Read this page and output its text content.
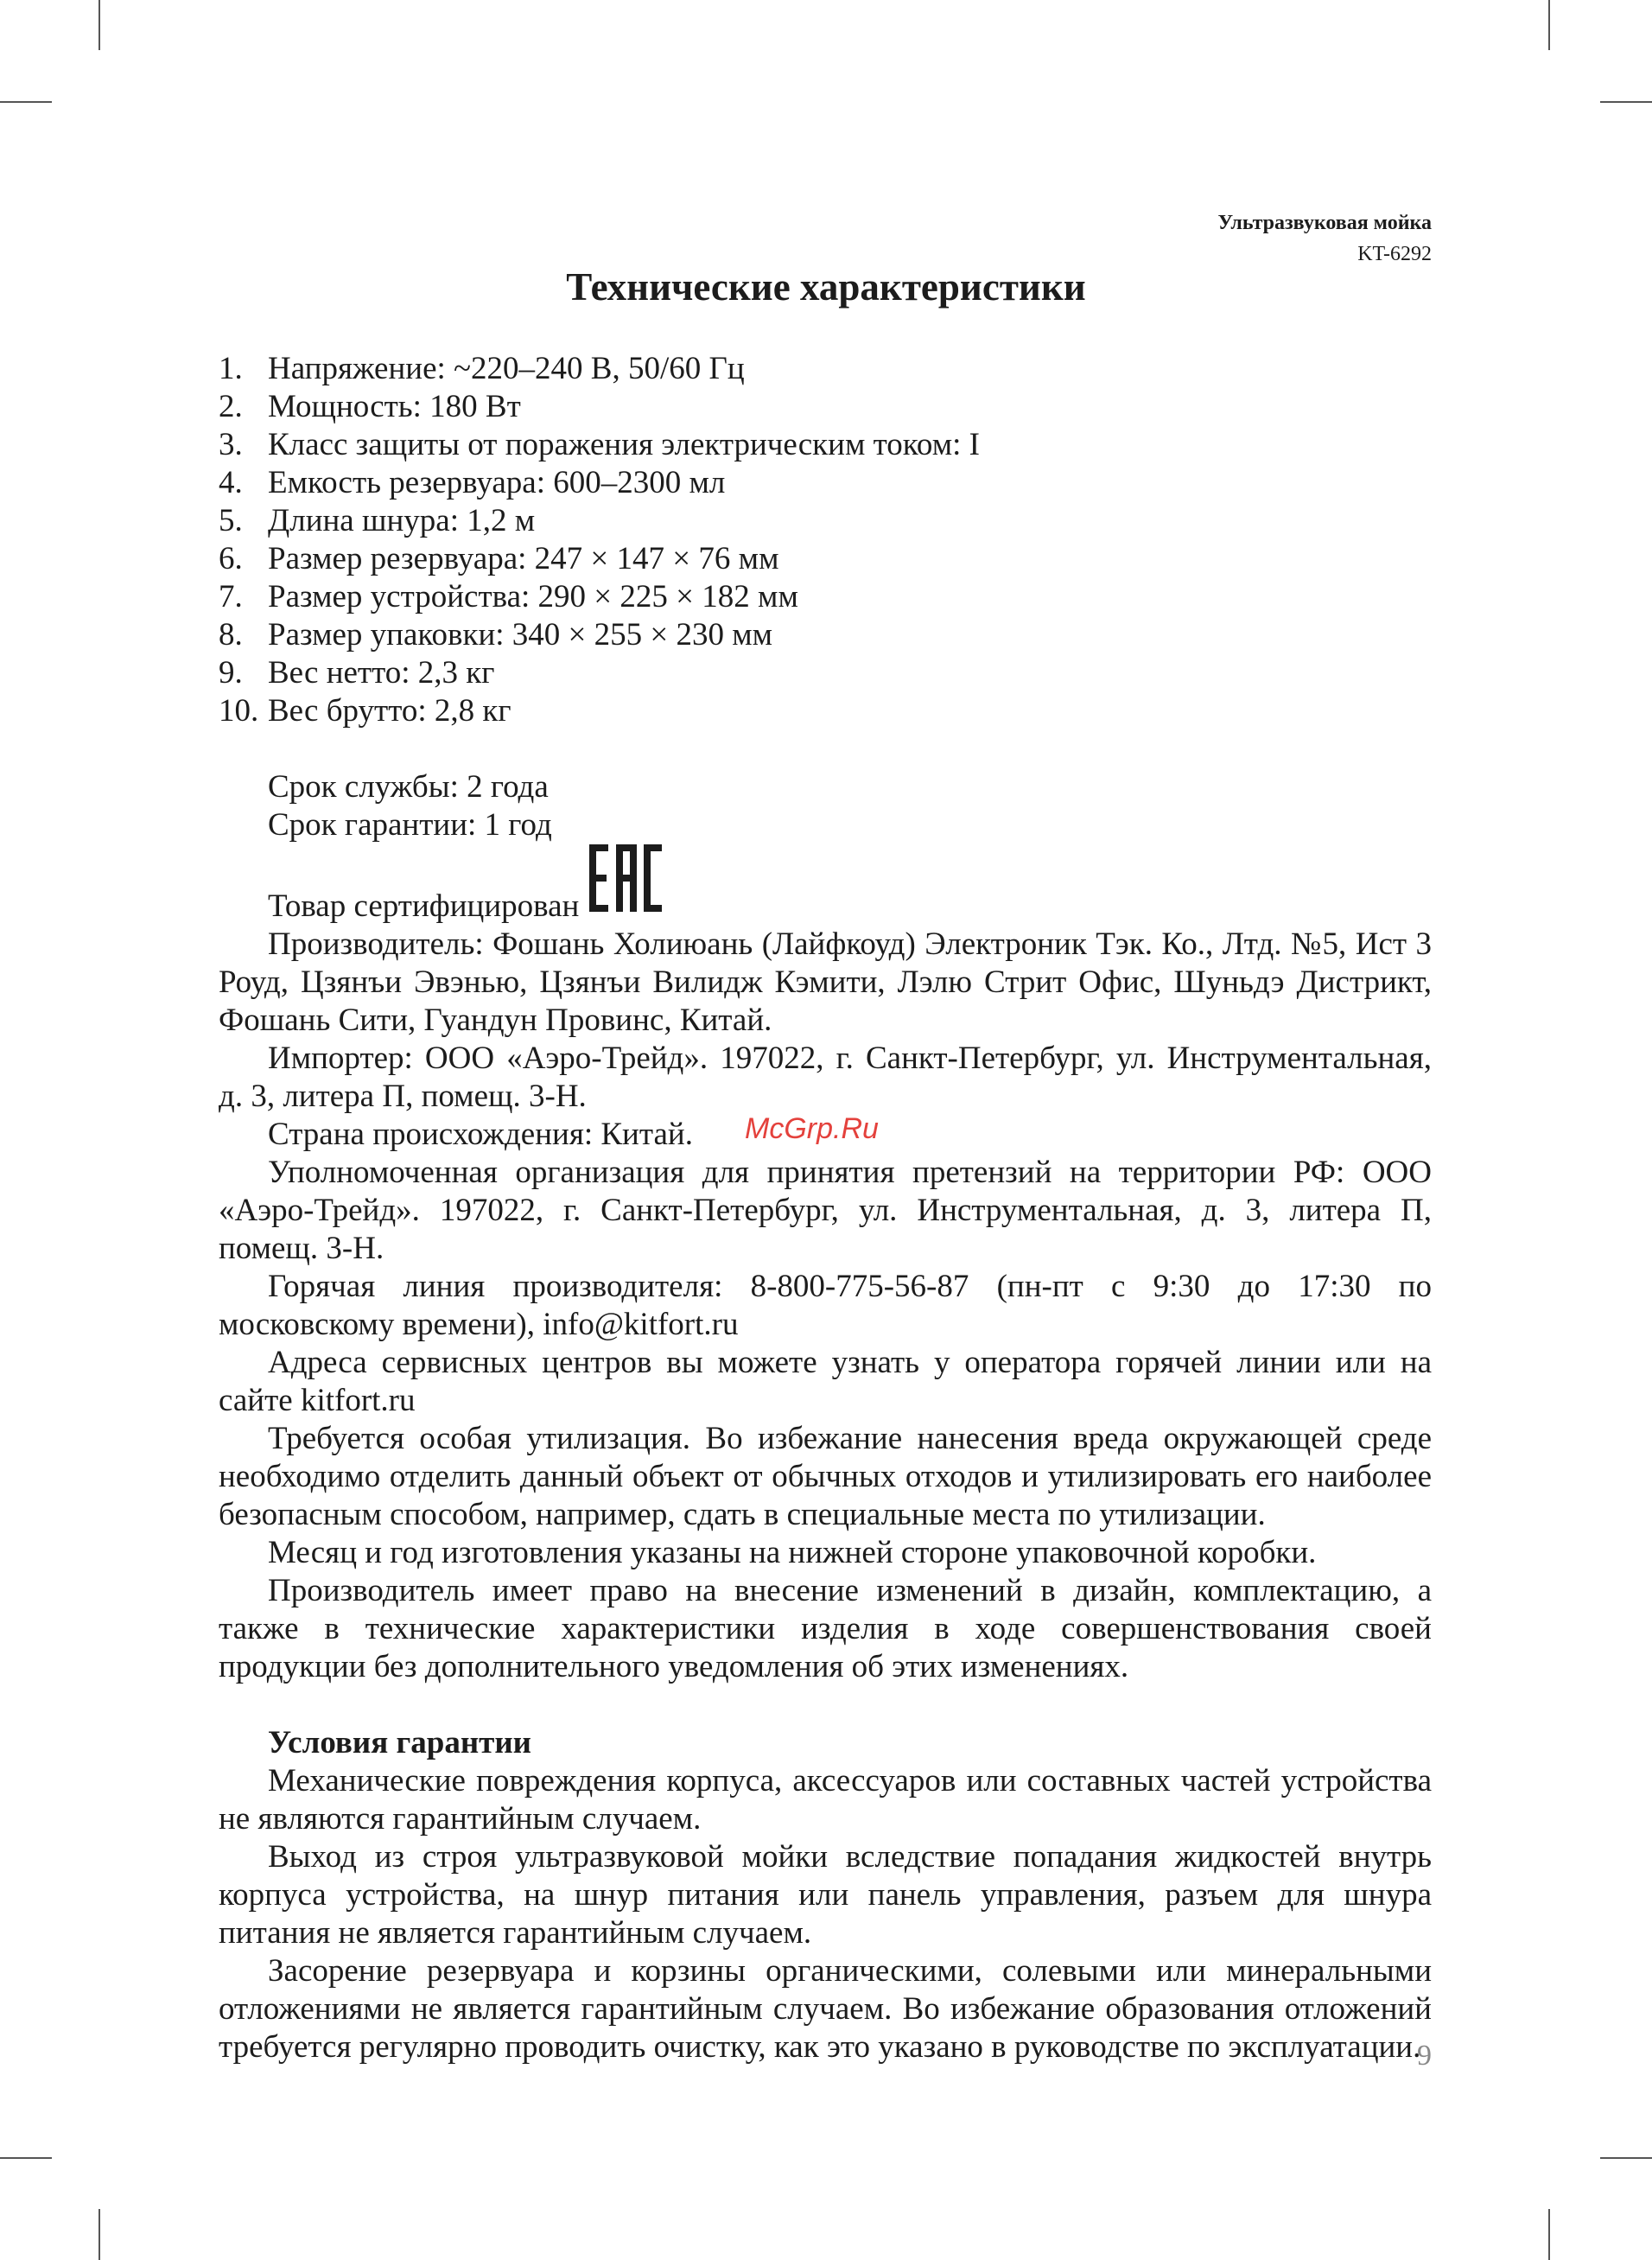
Ультразвуковая мойка
KT-6292
Технические характеристики
1. Напряжение: ~220–240 В, 50/60 Гц
2. Мощность: 180 Вт
3. Класс защиты от поражения электрическим током: I
4. Емкость резервуара: 600–2300 мл
5. Длина шнура: 1,2 м
6. Размер резервуара: 247 × 147 × 76 мм
7. Размер устройства: 290 × 225 × 182 мм
8. Размер упаковки: 340 × 255 × 230 мм
9. Вес нетто: 2,3 кг
10. Вес брутто: 2,8 кг
Срок службы: 2 года
Срок гарантии: 1 год
Товар сертифицирован

Производитель: Фошань Холиюань (Лайфкоуд) Электроник Тэк. Ко., Лтд. №5, Ист 3 Роуд, Цзянъи Эвэнью, Цзянъи Вилидж Кэмити, Лэлю Стрит Офис, Шуньдэ Дистрикт, Фошань Сити, Гуандун Провинс, Китай.

Импортер: ООО «Аэро-Трейд». 197022, г. Санкт-Петербург, ул. Инструментальная, д. 3, литера П, помещ. 3-Н.

Страна происхождения: Китай.

Уполномоченная организация для принятия претензий на территории РФ: ООО «Аэро-Трейд». 197022, г. Санкт-Петербург, ул. Инструментальная, д. 3, литера П, помещ. 3-Н.

Горячая линия производителя: 8-800-775-56-87 (пн-пт с 9:30 до 17:30 по московскому времени), info@kitfort.ru

Адреса сервисных центров вы можете узнать у оператора горячей линии или на сайте kitfort.ru

Требуется особая утилизация. Во избежание нанесения вреда окружающей среде необходимо отделить данный объект от обычных отходов и утилизировать его наиболее безопасным способом, например, сдать в специальные места по утилизации.

Месяц и год изготовления указаны на нижней стороне упаковочной коробки.

Производитель имеет право на внесение изменений в дизайн, комплектацию, а также в технические характеристики изделия в ходе совершенствования своей продукции без дополнительного уведомления об этих изменениях.

Условия гарантии

Механические повреждения корпуса, аксессуаров или составных частей устройства не являются гарантийным случаем.

Выход из строя ультразвуковой мойки вследствие попадания жидкостей внутрь корпуса устройства, на шнур питания или панель управления, разъем для шнура питания не является гарантийным случаем.

Засорение резервуара и корзины органическими, солевыми или минеральными отложениями не является гарантийным случаем. Во избежание образования отложений требуется регулярно проводить очистку, как это указано в руководстве по эксплуатации.

McGrp.Ru
9
